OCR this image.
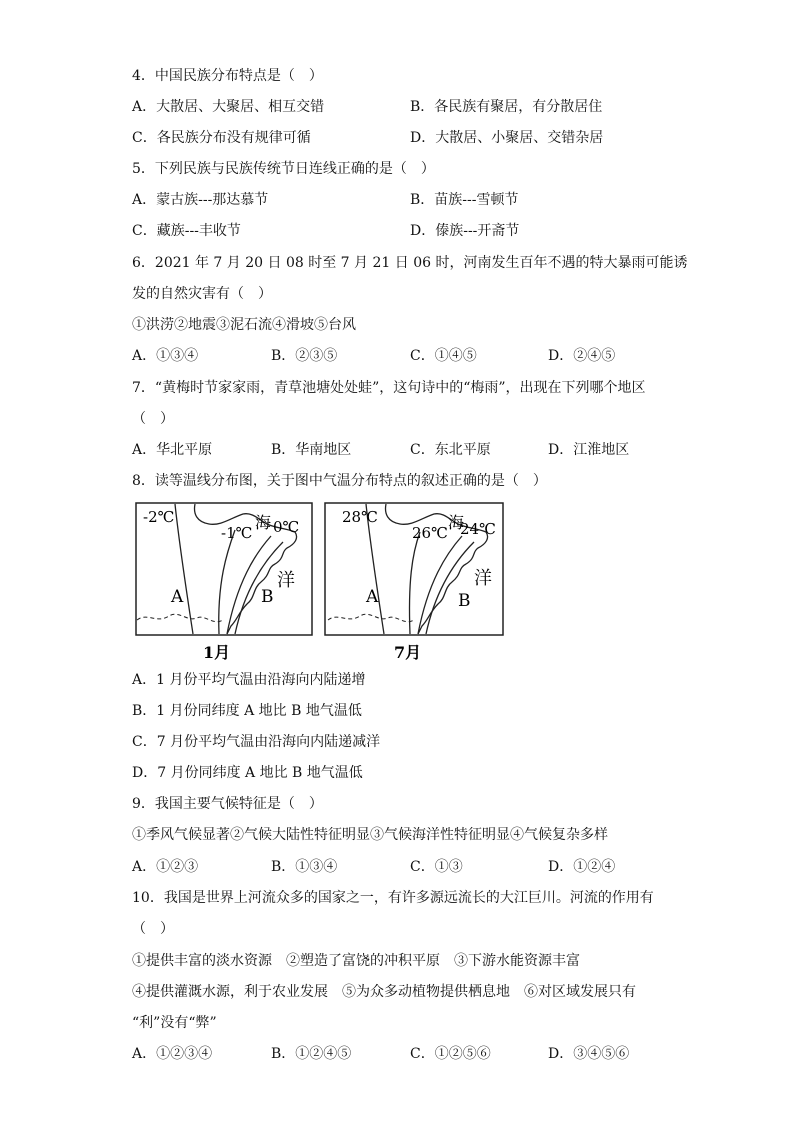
4．中国民族分布特点是（　）
A．大散居、大聚居、相互交错	B．各民族有聚居，有分散居住
C．各民族分布没有规律可循	D．大散居、小聚居、交错杂居
5．下列民族与民族传统节日连线正确的是（　）
A．蒙古族---那达慕节	B．苗族---雪顿节
C．藏族---丰收节	D．傣族---开斋节
6．2021 年 7 月 20 日 08 时至 7 月 21 日 06 时，河南发生百年不遇的特大暴雨可能诱
发的自然灾害有（　）
①洪涝②地震③泥石流④滑坡⑤台风
A．①③④	B．②③⑤	C．①④⑤	D．②④⑤
7．“黄梅时节家家雨，青草池塘处处蛙”，这句诗中的“梅雨”，出现在下列哪个地区
（　）
A．华北平原	B．华南地区	C．东北平原	D．江淮地区
8．读等温线分布图，关于图中气温分布特点的叙述正确的是（　）
-2℃
-1℃
海 0℃
洋
A	B
1月
28℃
26℃
海
24℃
洋
A	B
7月
A．1 月份平均气温由沿海向内陆递增
B．1 月份同纬度 A 地比 B 地气温低
C．7 月份平均气温由沿海向内陆递减洋
D．7 月份同纬度 A 地比 B 地气温低
9．我国主要气候特征是（　）
①季风气候显著②气候大陆性特征明显③气候海洋性特征明显④气候复杂多样
A．①②③	B．①③④	C．①③	D．①②④
10．我国是世界上河流众多的国家之一，有许多源远流长的大江巨川。河流的作用有
（　）
①提供丰富的淡水资源　②塑造了富饶的冲积平原　③下游水能资源丰富
④提供灌溉水源，利于农业发展　⑤为众多动植物提供栖息地　⑥对区域发展只有
“利”没有“弊”
A．①②③④	B．①②④⑤	C．①②⑤⑥	D．③④⑤⑥
